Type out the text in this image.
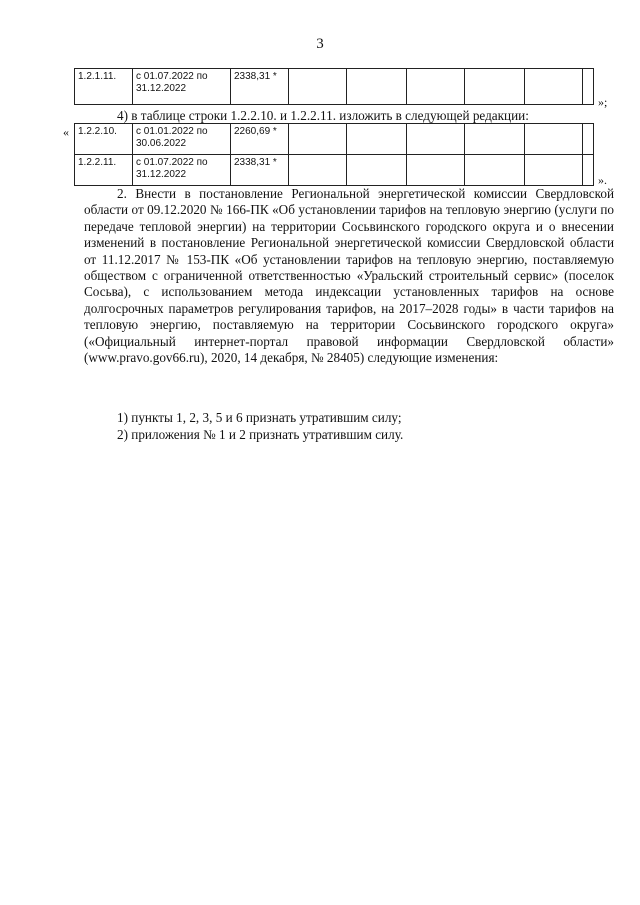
3
1.2.1.11.	с 01.07.2022 по 31.12.2022	2338,31 *						
»;
4) в таблице строки 1.2.2.10. и 1.2.2.11. изложить в следующей редакции:
« 1.2.2.10.	с 01.01.2022 по 30.06.2022	2260,69 *						
1.2.2.11.	с 01.07.2022 по 31.12.2022	2338,31 *						
».

2. Внести в постановление Региональной энергетической комиссии Свердловской области от 09.12.2020 № 166-ПК «Об установлении тарифов на тепловую энергию (услуги по передаче тепловой энергии) на территории Сосьвинского городского округа и о внесении изменений в постановление Региональной энергетической комиссии Свердловской области от 11.12.2017 № 153-ПК «Об установлении тарифов на тепловую энергию, поставляемую обществом с ограниченной ответственностью «Уральский строительный сервис» (поселок Сосьва), с использованием метода индексации установленных тарифов на основе долгосрочных параметров регулирования тарифов, на 2017–2028 годы» в части тарифов на тепловую энергию, поставляемую на территории Сосьвинского городского округа» («Официальный интернет-портал правовой информации Свердловской области» (www.pravo.gov66.ru), 2020, 14 декабря, № 28405) следующие изменения:

1) пункты 1, 2, 3, 5 и 6 признать утратившим силу;
2) приложения № 1 и 2 признать утратившим силу.
